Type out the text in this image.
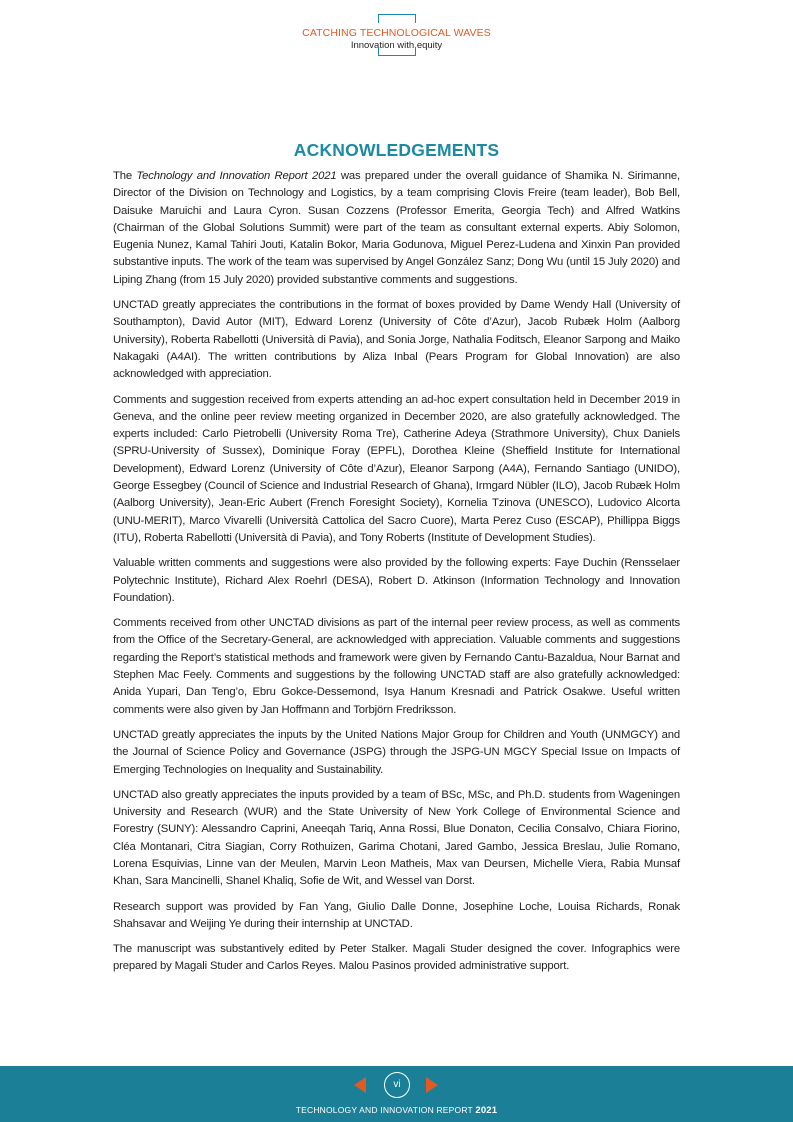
CATCHING TECHNOLOGICAL WAVES
Innovation with equity
ACKNOWLEDGEMENTS

The Technology and Innovation Report 2021 was prepared under the overall guidance of Shamika N. Sirimanne, Director of the Division on Technology and Logistics, by a team comprising Clovis Freire (team leader), Bob Bell, Daisuke Maruichi and Laura Cyron. Susan Cozzens (Professor Emerita, Georgia Tech) and Alfred Watkins (Chairman of the Global Solutions Summit) were part of the team as consultant external experts. Abiy Solomon, Eugenia Nunez, Kamal Tahiri Jouti, Katalin Bokor, Maria Godunova, Miguel Perez-Ludena and Xinxin Pan provided substantive inputs. The work of the team was supervised by Angel González Sanz; Dong Wu (until 15 July 2020) and Liping Zhang (from 15 July 2020) provided substantive comments and suggestions.

UNCTAD greatly appreciates the contributions in the format of boxes provided by Dame Wendy Hall (University of Southampton), David Autor (MIT), Edward Lorenz (University of Côte d’Azur), Jacob Rubæk Holm (Aalborg University), Roberta Rabellotti (Università di Pavia), and Sonia Jorge, Nathalia Foditsch, Eleanor Sarpong and Maiko Nakagaki (A4AI). The written contributions by Aliza Inbal (Pears Program for Global Innovation) are also acknowledged with appreciation.

Comments and suggestion received from experts attending an ad-hoc expert consultation held in December 2019 in Geneva, and the online peer review meeting organized in December 2020, are also gratefully acknowledged. The experts included: Carlo Pietrobelli (University Roma Tre), Catherine Adeya (Strathmore University), Chux Daniels (SPRU-University of Sussex), Dominique Foray (EPFL), Dorothea Kleine (Sheffield Institute for International Development), Edward Lorenz (University of Côte d’Azur), Eleanor Sarpong (A4A), Fernando Santiago (UNIDO), George Essegbey (Council of Science and Industrial Research of Ghana), Irmgard Nübler (ILO), Jacob Rubæk Holm (Aalborg University), Jean-Eric Aubert (French Foresight Society), Kornelia Tzinova (UNESCO), Ludovico Alcorta (UNU-MERIT), Marco Vivarelli (Università Cattolica del Sacro Cuore), Marta Perez Cuso (ESCAP), Phillippa Biggs (ITU), Roberta Rabellotti (Università di Pavia), and Tony Roberts (Institute of Development Studies).

Valuable written comments and suggestions were also provided by the following experts: Faye Duchin (Rensselaer Polytechnic Institute), Richard Alex Roehrl (DESA), Robert D. Atkinson (Information Technology and Innovation Foundation).

Comments received from other UNCTAD divisions as part of the internal peer review process, as well as comments from the Office of the Secretary-General, are acknowledged with appreciation. Valuable comments and suggestions regarding the Report’s statistical methods and framework were given by Fernando Cantu-Bazaldua, Nour Barnat and Stephen Mac Feely. Comments and suggestions by the following UNCTAD staff are also gratefully acknowledged: Anida Yupari, Dan Teng’o, Ebru Gokce-Dessemond, Isya Hanum Kresnadi and Patrick Osakwe. Useful written comments were also given by Jan Hoffmann and Torbjörn Fredriksson.

UNCTAD greatly appreciates the inputs by the United Nations Major Group for Children and Youth (UNMGCY) and the Journal of Science Policy and Governance (JSPG) through the JSPG-UN MGCY Special Issue on Impacts of Emerging Technologies on Inequality and Sustainability.

UNCTAD also greatly appreciates the inputs provided by a team of BSc, MSc, and Ph.D. students from Wageningen University and Research (WUR) and the State University of New York College of Environmental Science and Forestry (SUNY): Alessandro Caprini, Aneeqah Tariq, Anna Rossi, Blue Donaton, Cecilia Consalvo, Chiara Fiorino, Cléa Montanari, Citra Siagian, Corry Rothuizen, Garima Chotani, Jared Gambo, Jessica Breslau, Julie Romano, Lorena Esquivias, Linne van der Meulen, Marvin Leon Matheis, Max van Deursen, Michelle Viera, Rabia Munsaf Khan, Sara Mancinelli, Shanel Khaliq, Sofie de Wit, and Wessel van Dorst.

Research support was provided by Fan Yang, Giulio Dalle Donne, Josephine Loche, Louisa Richards, Ronak Shahsavar and Weijing Ye during their internship at UNCTAD.

The manuscript was substantively edited by Peter Stalker. Magali Studer designed the cover. Infographics were prepared by Magali Studer and Carlos Reyes. Malou Pasinos provided administrative support.

vi
TECHNOLOGY AND INNOVATION REPORT 2021
